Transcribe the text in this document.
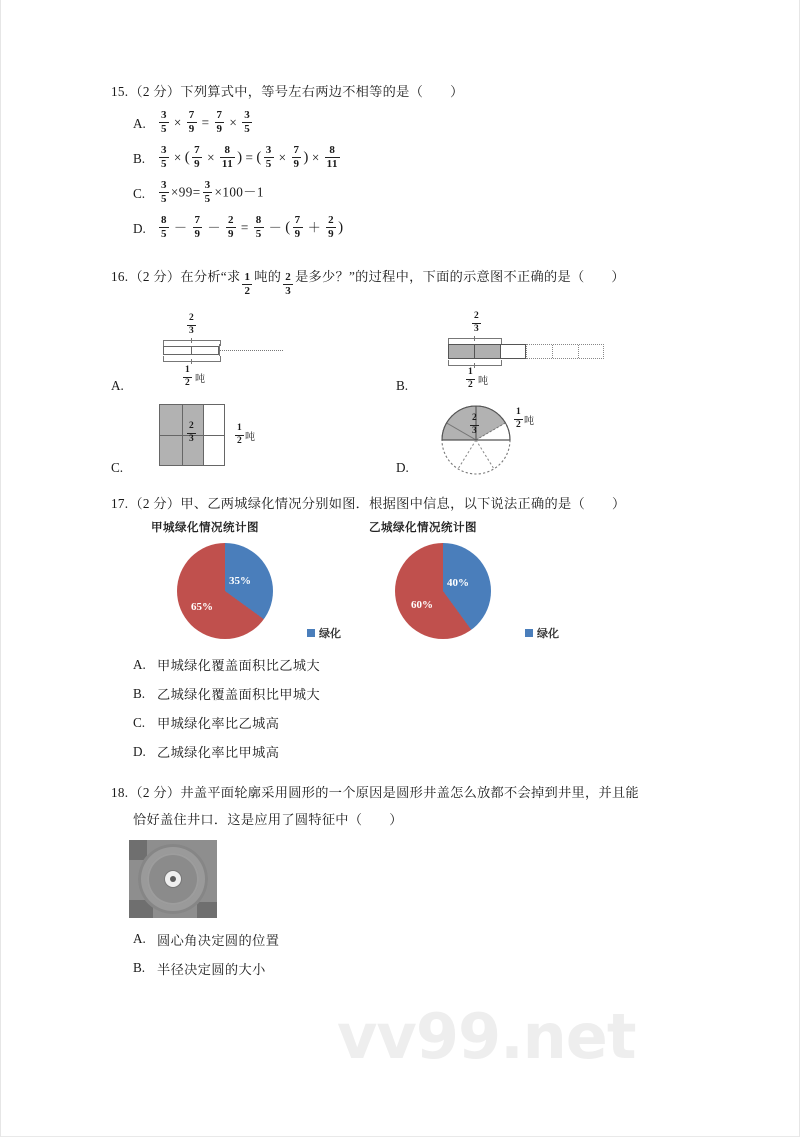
vv99.net
15. （2 分） 下列算式中，等号左右两边不相等的是（　　）
A.	$\frac{3}{5} \times \frac{7}{9} = \frac{7}{9} \times \frac{3}{5}$
B.	$\frac{3}{5}$ × ( $\frac{7}{9} \times \frac{8}{11}$ ) = ( $\frac{3}{5} \times \frac{7}{9}$ ) × $\frac{8}{11}$
C.	$\frac{3}{5} \times 99= \frac{3}{5} \times 100-1$
D.	$\frac{8}{5} - \frac{7}{9} - \frac{2}{9} = \frac{8}{5}$ － ( $\frac{7}{9} + \frac{2}{9}$ )
16. （2 分） 在分析“求 $\frac{1}{2}$ 吨的 $\frac{2}{3}$ 是多少？”的过程中，下面的示意图不正确的是（　　）
A.
$\frac{2}{3}$
$\frac{1}{2}$ 吨	B.
$\frac{2}{3}$
$\frac{1}{2}$ 吨
C.
$\frac{2}{3}$	$\frac{1}{2}$ 吨
D.
$\frac{2}{3}$	$\frac{1}{2}$ 吨
17. （2 分） 甲、乙两城绿化情况分别如图．根据图中信息，以下说法正确的是（　　）
甲城绿化情况统计图
35%
65%
绿化
乙城绿化情况统计图
40%
60%
绿化
A. 甲城绿化覆盖面积比乙城大
B. 乙城绿化覆盖面积比甲城大
C. 甲城绿化率比乙城高
D. 乙城绿化率比甲城高
18. （2 分） 井盖平面轮廓采用圆形的一个原因是圆形井盖怎么放都不会掉到井里，并且能
恰好盖住井口．这是应用了圆特征中（　　）
A. 圆心角决定圆的位置
B. 半径决定圆的大小
